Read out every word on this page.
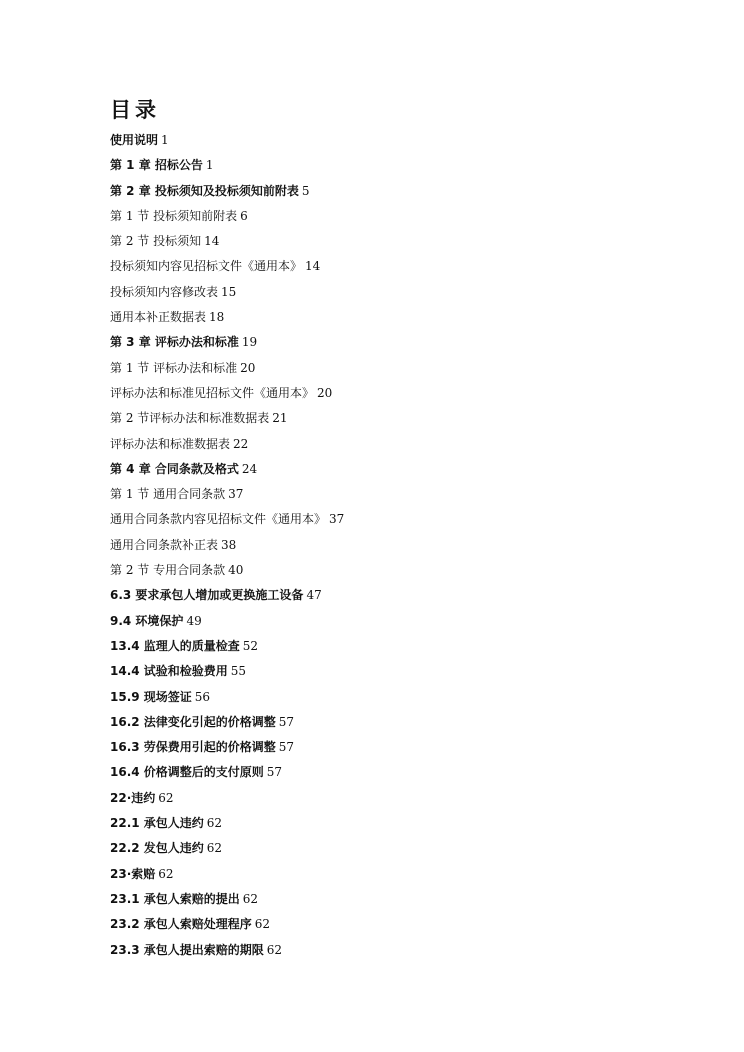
目录
使用说明 1
第 1 章 招标公告 1
第 2 章 投标须知及投标须知前附表 5
第 1 节 投标须知前附表 6
第 2 节 投标须知 14
投标须知内容见招标文件《通用本》 14
投标须知内容修改表 15
通用本补正数据表 18
第 3 章 评标办法和标准 19
第 1 节 评标办法和标准 20
评标办法和标准见招标文件《通用本》 20
第 2 节评标办法和标准数据表 21
评标办法和标准数据表 22
第 4 章 合同条款及格式 24
第 1 节 通用合同条款 37
通用合同条款内容见招标文件《通用本》 37
通用合同条款补正表 38
第 2 节 专用合同条款 40
6.3 要求承包人增加或更换施工设备 47
9.4 环境保护 49
13.4 监理人的质量检查 52
14.4 试验和检验费用 55
15.9 现场签证 56
16.2 法律变化引起的价格调整 57
16.3 劳保费用引起的价格调整 57
16.4 价格调整后的支付原则 57
22·违约 62
22.1 承包人违约 62
22.2 发包人违约 62
23·索赔 62
23.1 承包人索赔的提出 62
23.2 承包人索赔处理程序 62
23.3 承包人提出索赔的期限 62
